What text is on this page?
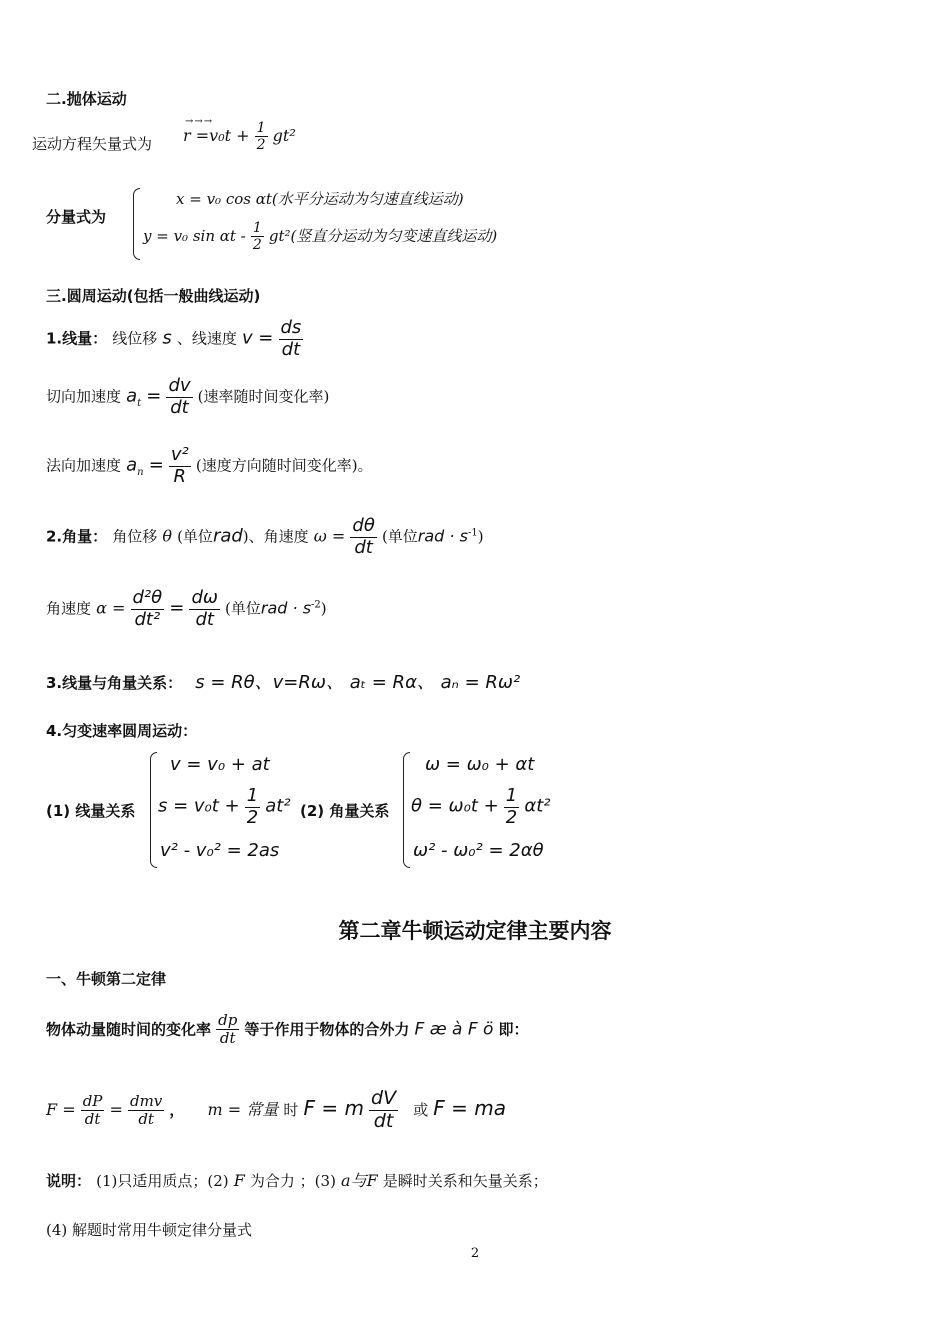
二.抛体运动
运动方程矢量式为
→→→
$r =v_0t + \frac{1}{2} gt^2$
分量式为
x = v₀ cos αt(水平分运动为匀速直线运动)
y = v₀ sin αt - $\frac{1}{2} gt^2$(竖直分运动为匀变速直线运动)
三.圆周运动(包括一般曲线运动)
1.线量： 线位移 s 、线速度 $v = \frac{ds}{dt}$
切向加速度 $a_t = \frac{dv}{dt}$ (速率随时间变化率)
法向加速度 $a_n = \frac{\text{v²}}{R}$ (速度方向随时间变化率)。
2.角量： 角位移 θ (单位rad)、角速度 $\omega = \frac{d\theta}{dt}$ (单位rad · $s^{-1}$)
角速度 $\alpha = \frac{\text{d²θ}}{\text{dt²}} = \frac{d\omega}{dt}$ (单位rad · $s^{-2}$)
3.线量与角量关系： s = Rθ、v=Rω、 aₜ = Rα、 aₙ = Rω²
4.匀变速率圆周运动：
(1) 线量关系
v = v₀ + at
$s = v_0t + \frac{1}{2} at^2$
v² - v₀² = 2as
(2) 角量关系
ω = ω₀ + αt
$\theta = \omega_0t + \frac{1}{2} \alpha t^2$
ω² - ω₀² = 2αθ
第二章牛顿运动定律主要内容
一、牛顿第二定律
物体动量随时间的变化率 $\frac{dp}{dt}$ 等于作用于物体的合外力 F æ à F ö 即：
$F = \frac{dP}{dt} = \frac{\text{dmv}}{dt}$ ， m = 常量 时 F = m $\frac{dV}{dt}$ 或 F = ma
说明： (1)只适用质点；(2) F 为合力 ；(3) a与F 是瞬时关系和矢量关系；
(4) 解题时常用牛顿定律分量式
2
